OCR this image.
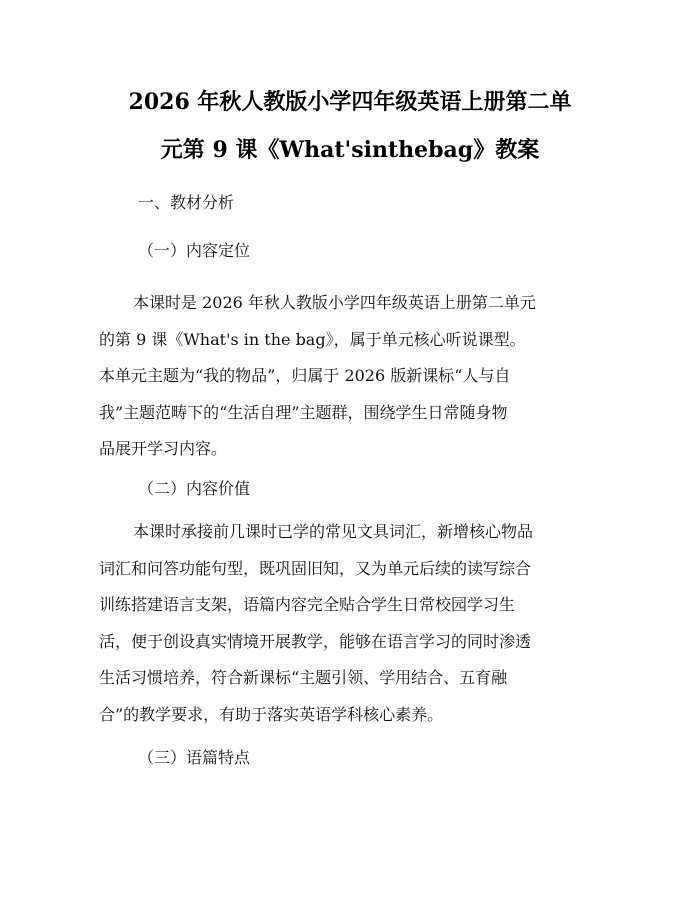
2026 年秋人教版小学四年级英语上册第二单
元第 9 课《What'sinthebag》教案
一、教材分析
（一）内容定位
本课时是 2026 年秋人教版小学四年级英语上册第二单元
的第 9 课《What's in the bag》，属于单元核心听说课型。
本单元主题为“我的物品”，归属于 2026 版新课标“人与自
我”主题范畴下的“生活自理”主题群，围绕学生日常随身物
品展开学习内容。
（二）内容价值
本课时承接前几课时已学的常见文具词汇，新增核心物品
词汇和问答功能句型，既巩固旧知，又为单元后续的读写综合
训练搭建语言支架，语篇内容完全贴合学生日常校园学习生
活，便于创设真实情境开展教学，能够在语言学习的同时渗透
生活习惯培养，符合新课标“主题引领、学用结合、五育融
合”的教学要求，有助于落实英语学科核心素养。
（三）语篇特点
